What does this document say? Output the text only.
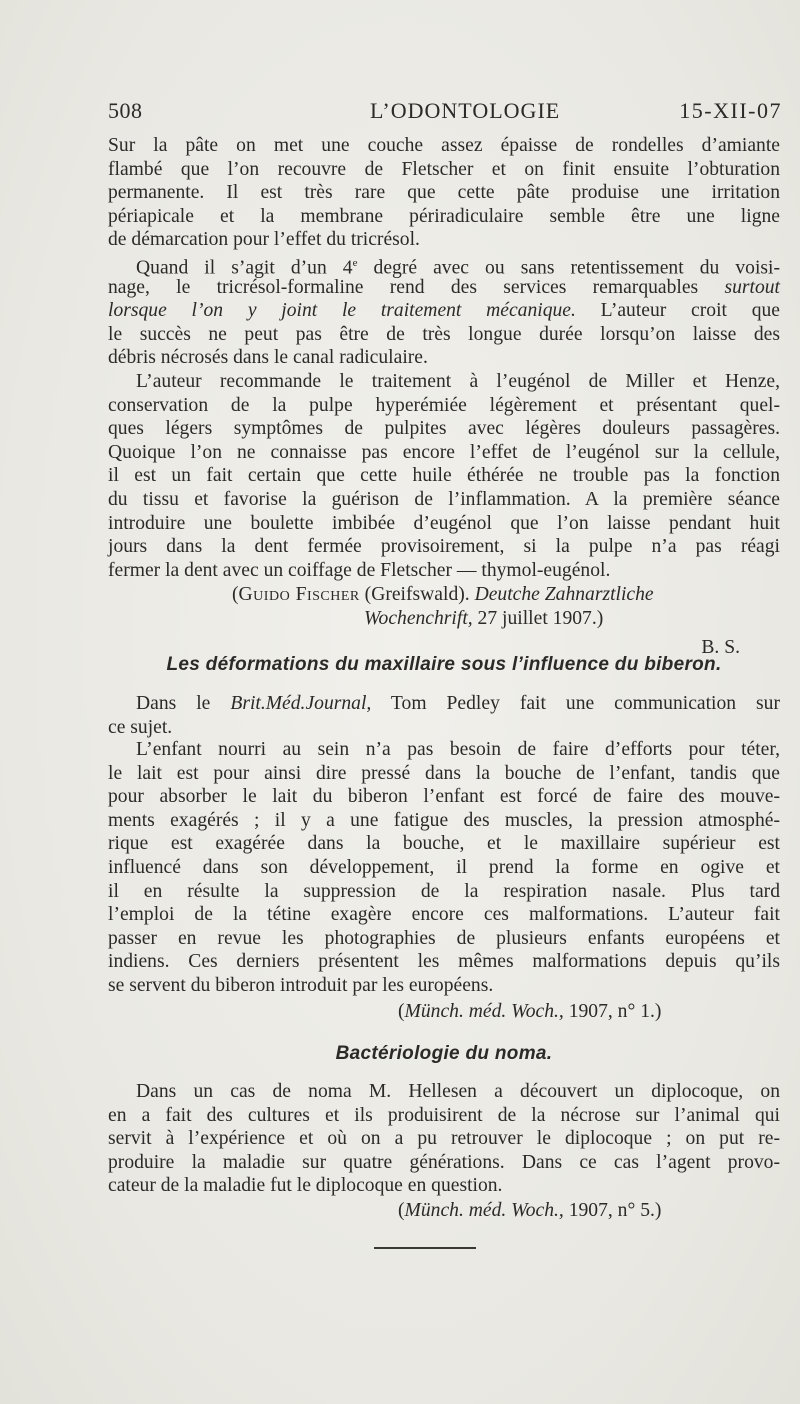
508	L’ODONTOLOGIE	15-XII-07
Sur la pâte on met une couche assez épaisse de rondelles d’amiante
flambé que l’on recouvre de Fletscher et on finit ensuite l’obturation
permanente. Il est très rare que cette pâte produise une irritation
périapicale et la membrane périradiculaire semble être une ligne
de démarcation pour l’effet du tricrésol.
Quand il s’agit d’un 4e degré avec ou sans retentissement du voisi-
nage, le tricrésol-formaline rend des services remarquables surtout
lorsque l’on y joint le traitement mécanique. L’auteur croit que
le succès ne peut pas être de très longue durée lorsqu’on laisse des
débris nécrosés dans le canal radiculaire.
L’auteur recommande le traitement à l’eugénol de Miller et Henze,
conservation de la pulpe hyperémiée légèrement et présentant quel-
ques légers symptômes de pulpites avec légères douleurs passagères.
Quoique l’on ne connaisse pas encore l’effet de l’eugénol sur la cellule,
il est un fait certain que cette huile éthérée ne trouble pas la fonction
du tissu et favorise la guérison de l’inflammation. A la première séance
introduire une boulette imbibée d’eugénol que l’on laisse pendant huit
jours dans la dent fermée provisoirement, si la pulpe n’a pas réagi
fermer la dent avec un coiffage de Fletscher — thymol-eugénol.
(Guido Fischer (Greifswald). Deutche Zahnarztliche
Wochenchrift, 27 juillet 1907.)
B. S.
Les déformations du maxillaire sous l’influence du biberon.
Dans le Brit.Méd.Journal, Tom Pedley fait une communication sur
ce sujet.
L’enfant nourri au sein n’a pas besoin de faire d’efforts pour téter,
le lait est pour ainsi dire pressé dans la bouche de l’enfant, tandis que
pour absorber le lait du biberon l’enfant est forcé de faire des mouve-
ments exagérés ; il y a une fatigue des muscles, la pression atmosphé-
rique est exagérée dans la bouche, et le maxillaire supérieur est
influencé dans son développement, il prend la forme en ogive et
il en résulte la suppression de la respiration nasale. Plus tard
l’emploi de la tétine exagère encore ces malformations. L’auteur fait
passer en revue les photographies de plusieurs enfants européens et
indiens. Ces derniers présentent les mêmes malformations depuis qu’ils
se servent du biberon introduit par les européens.
(Münch. méd. Woch., 1907, n° 1.)
Bactériologie du noma.
Dans un cas de noma M. Hellesen a découvert un diplocoque, on
en a fait des cultures et ils produisirent de la nécrose sur l’animal qui
servit à l’expérience et où on a pu retrouver le diplocoque ; on put re-
produire la maladie sur quatre générations. Dans ce cas l’agent provo-
cateur de la maladie fut le diplocoque en question.
(Münch. méd. Woch., 1907, n° 5.)
